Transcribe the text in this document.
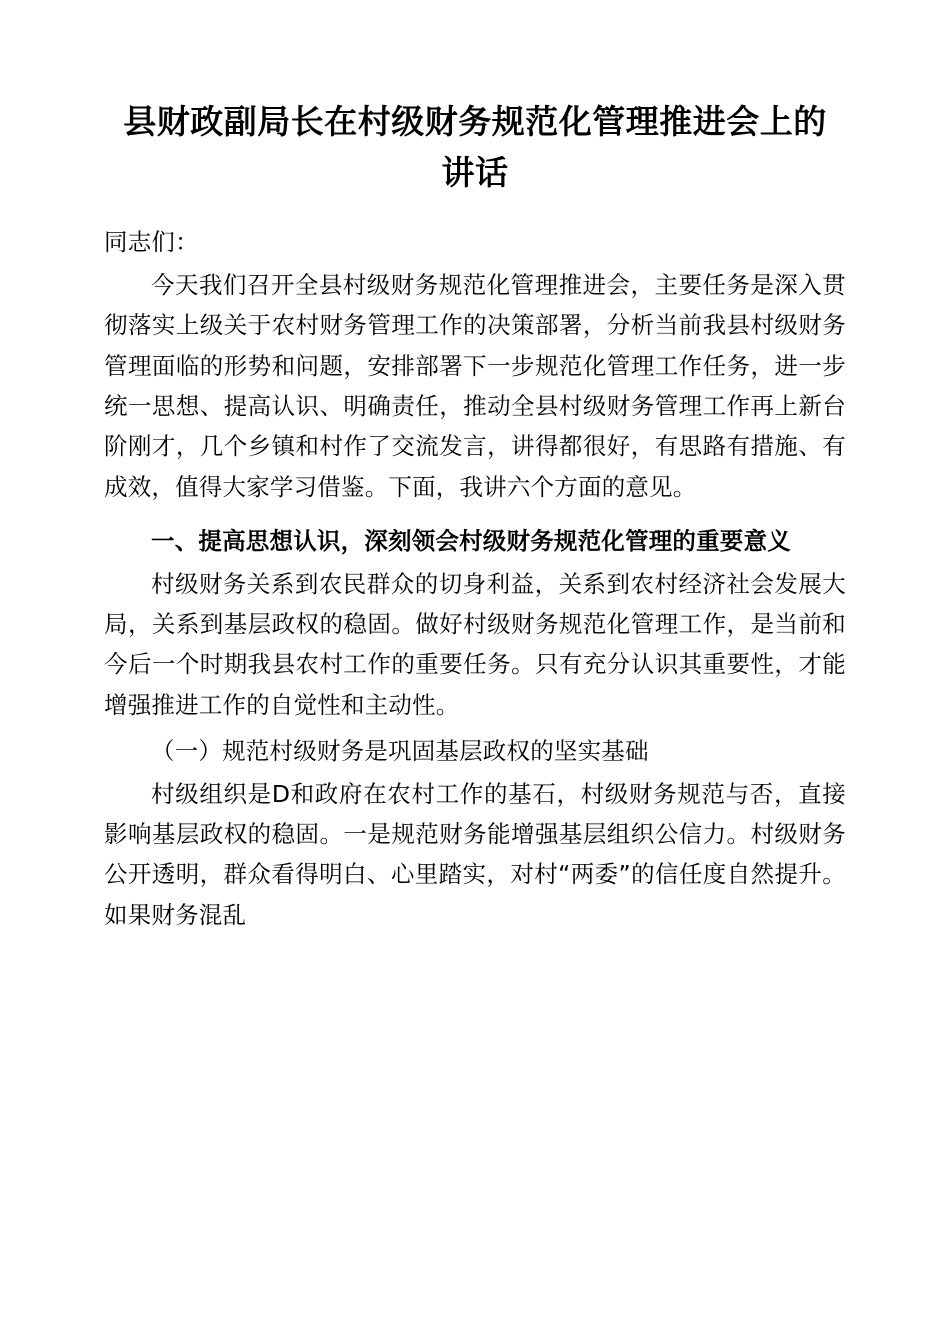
县财政副局长在村级财务规范化管理推进会上的讲话

同志们：

今天我们召开全县村级财务规范化管理推进会，主要任务是深入贯彻落实上级关于农村财务管理工作的决策部署，分析当前我县村级财务管理面临的形势和问题，安排部署下一步规范化管理工作任务，进一步统一思想、提高认识、明确责任，推动全县村级财务管理工作再上新台阶刚才，几个乡镇和村作了交流发言，讲得都很好，有思路有措施、有成效，值得大家学习借鉴。下面，我讲六个方面的意见。

一、提高思想认识，深刻领会村级财务规范化管理的重要意义

村级财务关系到农民群众的切身利益，关系到农村经济社会发展大局，关系到基层政权的稳固。做好村级财务规范化管理工作，是当前和今后一个时期我县农村工作的重要任务。只有充分认识其重要性，才能增强推进工作的自觉性和主动性。

（一）规范村级财务是巩固基层政权的坚实基础

村级组织是D和政府在农村工作的基石，村级财务规范与否，直接影响基层政权的稳固。一是规范财务能增强基层组织公信力。村级财务公开透明，群众看得明白、心里踏实，对村“两委”的信任度自然提升。如果财务混乱
